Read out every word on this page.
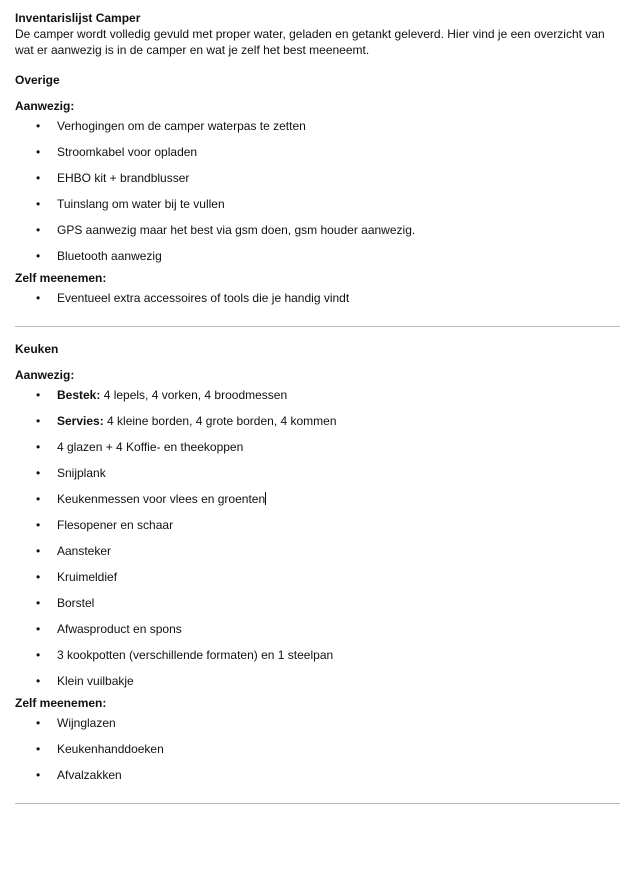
Inventarislijst Camper

De camper wordt volledig gevuld met proper water, geladen en getankt geleverd. Hier vind je een overzicht van wat er aanwezig is in de camper en wat je zelf het best meeneemt.

Overige

Aanwezig:

• Verhogingen om de camper waterpas te zetten
• Stroomkabel voor opladen
• EHBO kit + brandblusser
• Tuinslang om water bij te vullen
• GPS aanwezig maar het best via gsm doen, gsm houder aanwezig.
• Bluetooth aanwezig

Zelf meenemen:

• Eventueel extra accessoires of tools die je handig vindt

Keuken

Aanwezig:

• Bestek: 4 lepels, 4 vorken, 4 broodmessen
• Servies: 4 kleine borden, 4 grote borden, 4 kommen
• 4 glazen + 4 Koffie- en theekoppen
• Snijplank
• Keukenmessen voor vlees en groenten
• Flesopener en schaar
• Aansteker
• Kruimeldief
• Borstel
• Afwasproduct en spons
• 3 kookpotten (verschillende formaten) en 1 steelpan
• Klein vuilbakje

Zelf meenemen:

• Wijnglazen
• Keukenhanddoeken
• Afvalzakken
